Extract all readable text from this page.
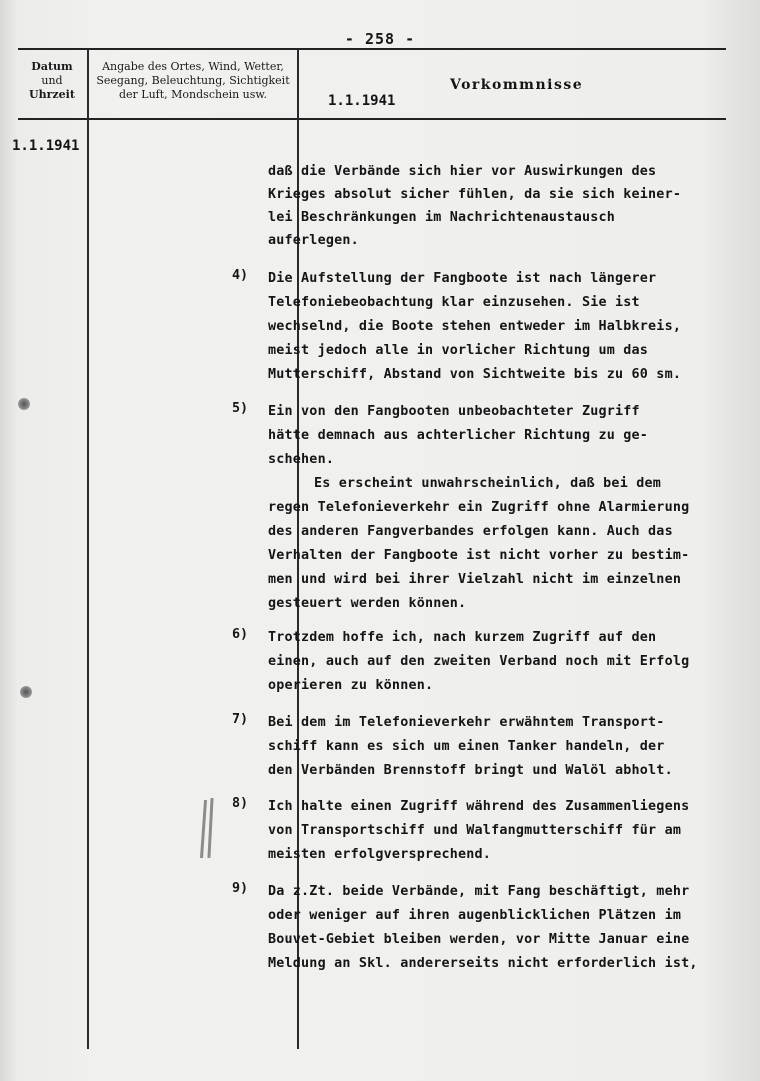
- 258 -
Datum
und
Uhrzeit
Angabe des Ortes, Wind, Wetter,
Seegang, Beleuchtung, Sichtigkeit
der Luft, Mondschein usw.	1.1.1941
Vorkommnisse
1.1.1941
daß die Verbände sich hier vor Auswirkungen des
Krieges absolut sicher fühlen, da sie sich keiner-
lei Beschränkungen im Nachrichtenaustausch
auferlegen.
4) Die Aufstellung der Fangboote ist nach längerer
Telefoniebeobachtung klar einzusehen. Sie ist
wechselnd, die Boote stehen entweder im Halbkreis,
meist jedoch alle in vorlicher Richtung um das
Mutterschiff, Abstand von Sichtweite bis zu 60 sm.
5) Ein von den Fangbooten unbeobachteter Zugriff
hätte demnach aus achterlicher Richtung zu ge-
schehen.
Es erscheint unwahrscheinlich, daß bei dem
regen Telefonieverkehr ein Zugriff ohne Alarmierung
des anderen Fangverbandes erfolgen kann. Auch das
Verhalten der Fangboote ist nicht vorher zu bestim-
men und wird bei ihrer Vielzahl nicht im einzelnen
gesteuert werden können.
6) Trotzdem hoffe ich, nach kurzem Zugriff auf den
einen, auch auf den zweiten Verband noch mit Erfolg
operieren zu können.
7) Bei dem im Telefonieverkehr erwähntem Transport-
schiff kann es sich um einen Tanker handeln, der
den Verbänden Brennstoff bringt und Walöl abholt.
8) Ich halte einen Zugriff während des Zusammenliegens
von Transportschiff und Walfangmutterschiff für am
meisten erfolgversprechend.
9) Da z.Zt. beide Verbände, mit Fang beschäftigt, mehr
oder weniger auf ihren augenblicklichen Plätzen im
Bouvet-Gebiet bleiben werden, vor Mitte Januar eine
Meldung an Skl. andererseits nicht erforderlich ist,
